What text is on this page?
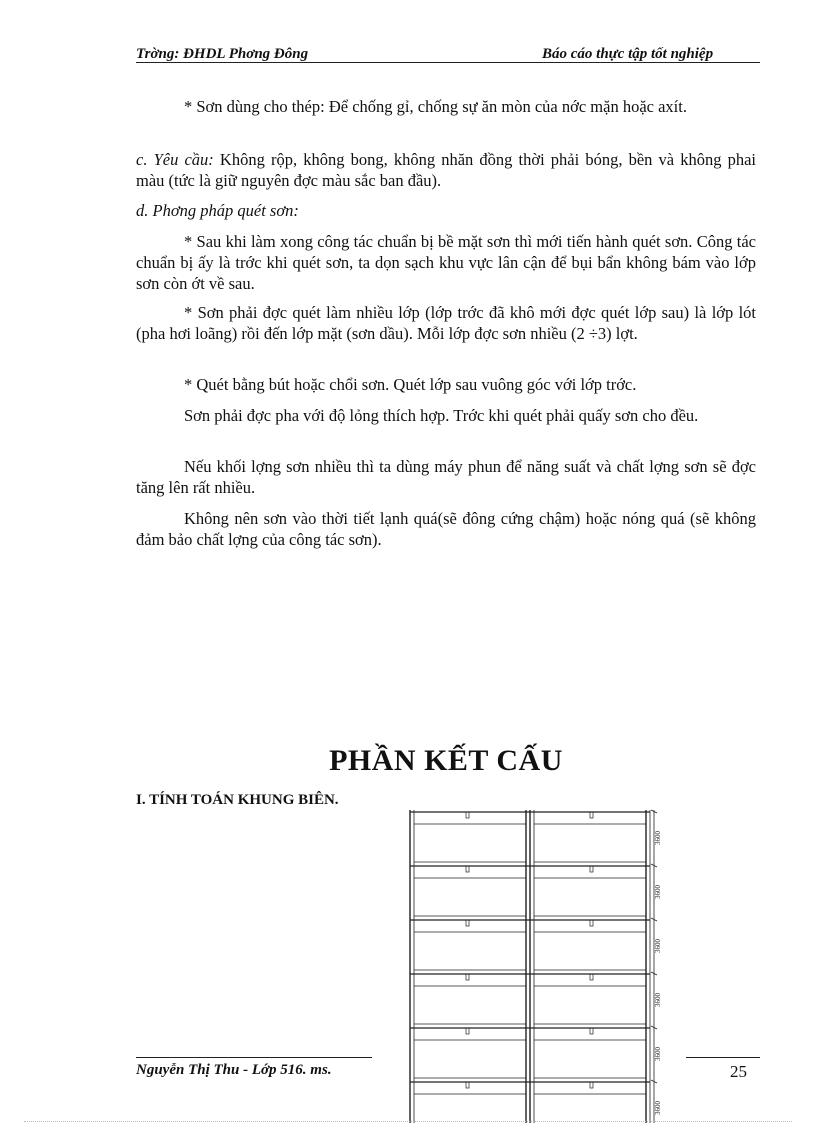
Trờng: ĐHDL Phơng Đông	Báo cáo thực tập tốt nghiệp

* Sơn dùng cho thép: Để chống gỉ, chống sự ăn mòn của nớc mặn hoặc axít.

c. Yêu cầu: Không rộp, không bong, không nhăn đồng thời phải bóng, bền và không phai màu (tức là giữ nguyên đợc màu sắc ban đầu).

d. Phơng pháp quét sơn:

* Sau khi làm xong công tác chuẩn bị bề mặt sơn thì mới tiến hành quét sơn. Công tác chuẩn bị ấy là trớc khi quét sơn, ta dọn sạch khu vực lân cận để bụi bẩn không bám vào lớp sơn còn ớt về sau.

* Sơn phải đợc quét làm nhiều lớp (lớp trớc đã khô mới đợc quét lớp sau) là lớp lót (pha hơi loãng) rồi đến lớp mặt (sơn dầu). Mỗi lớp đợc sơn nhiều (2 ÷3) lợt.

* Quét bằng bút hoặc chổi sơn. Quét lớp sau vuông góc với lớp trớc.

Sơn phải đợc pha với độ lỏng thích hợp. Trớc khi quét phải quấy sơn cho đều.

Nếu khối lợng sơn nhiều thì ta dùng máy phun để năng suất và chất lợng sơn sẽ đợc tăng lên rất nhiều.

Không nên sơn vào thời tiết lạnh quá(sẽ đông cứng chậm) hoặc nóng quá (sẽ không đảm bảo chất lợng của công tác sơn).

PHẦN KẾT CẤU
I. TÍNH TOÁN KHUNG BIÊN.
3600
3600
3600
3600
3600
3600
Nguyễn Thị Thu - Lớp 516. ms.	25
